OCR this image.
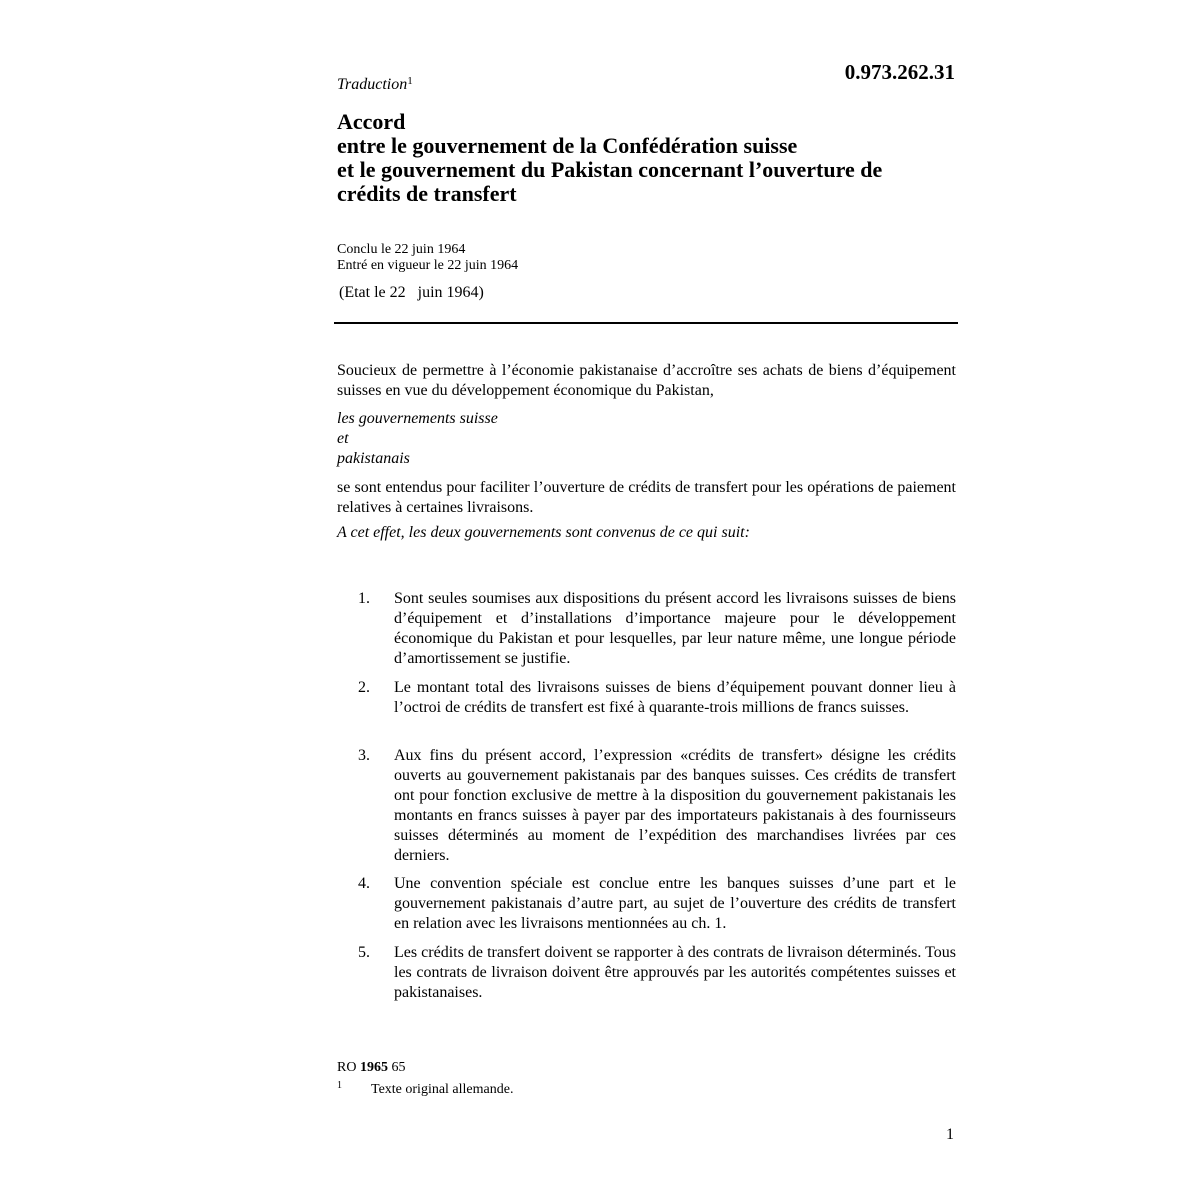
0.973.262.31
Traduction$^1$
Accord
entre le gouvernement de la Confédération suisse
et le gouvernement du Pakistan concernant l’ouverture de
crédits de transfert
Conclu le 22 juin 1964
Entré en vigueur le 22 juin 1964
(Etat le 22   juin 1964)
Soucieux de permettre à l’économie pakistanaise d’accroître ses achats de biens d’équipement suisses en vue du développement économique du Pakistan,
les gouvernements suisse
et
pakistanais
se sont entendus pour faciliter l’ouverture de crédits de transfert pour les opérations de paiement relatives à certaines livraisons.
A cet effet, les deux gouvernements sont convenus de ce qui suit:
1. Sont seules soumises aux dispositions du présent accord les livraisons suisses de biens d’équipement et d’installations d’importance majeure pour le développement économique du Pakistan et pour lesquelles, par leur nature même, une longue période d’amortissement se justifie.
2. Le montant total des livraisons suisses de biens d’équipement pouvant donner lieu à l’octroi de crédits de transfert est fixé à quarante-trois millions de francs suisses.
3. Aux fins du présent accord, l’expression «crédits de transfert» désigne les crédits ouverts au gouvernement pakistanais par des banques suisses. Ces crédits de transfert ont pour fonction exclusive de mettre à la disposition du gouvernement pakistanais les montants en francs suisses à payer par des importateurs pakistanais à des fournisseurs suisses déterminés au moment de l’expédition des marchandises livrées par ces derniers.
4. Une convention spéciale est conclue entre les banques suisses d’une part et le gouvernement pakistanais d’autre part, au sujet de l’ouverture des crédits de transfert en relation avec les livraisons mentionnées au ch. 1.
5. Les crédits de transfert doivent se rapporter à des contrats de livraison déterminés. Tous les contrats de livraison doivent être approuvés par les autorités compétentes suisses et pakistanaises.
RO 1965 65
1 Texte original allemande.
1
